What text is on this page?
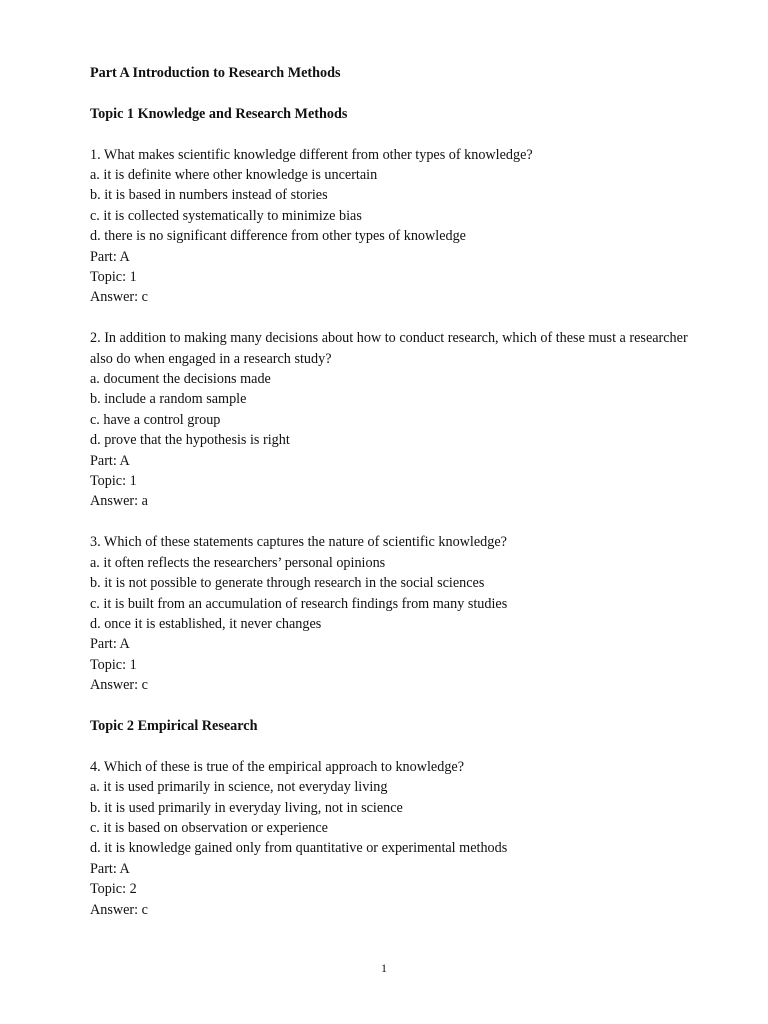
Part A Introduction to Research Methods
Topic 1 Knowledge and Research Methods
1. What makes scientific knowledge different from other types of knowledge?
a. it is definite where other knowledge is uncertain
b. it is based in numbers instead of stories
c. it is collected systematically to minimize bias
d. there is no significant difference from other types of knowledge
Part: A
Topic: 1
Answer: c
2. In addition to making many decisions about how to conduct research, which of these must a researcher also do when engaged in a research study?
a. document the decisions made
b. include a random sample
c. have a control group
d. prove that the hypothesis is right
Part: A
Topic: 1
Answer: a
3. Which of these statements captures the nature of scientific knowledge?
a. it often reflects the researchers’ personal opinions
b. it is not possible to generate through research in the social sciences
c. it is built from an accumulation of research findings from many studies
d. once it is established, it never changes
Part: A
Topic: 1
Answer: c
Topic 2 Empirical Research
4. Which of these is true of the empirical approach to knowledge?
a. it is used primarily in science, not everyday living
b. it is used primarily in everyday living, not in science
c. it is based on observation or experience
d. it is knowledge gained only from quantitative or experimental methods
Part: A
Topic: 2
Answer: c
1
